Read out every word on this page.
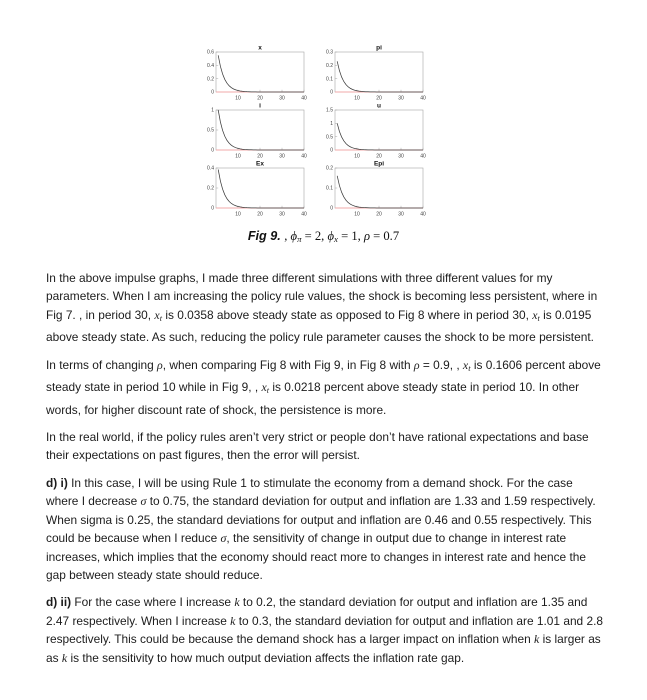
x
0
0.2
0.4
0.6
10	20	30	40
pi
0
0.1
0.2
0.3
10	20	30	40
i
0
0.5
1
10	20	30	40
u
0
0.5
1
1.5
10	20	30	40
Ex
0
0.2
0.4
10	20	30	40
Epi
0
0.1
0.2
10	20	30	40
Fig 9. , $\phi_\pi = 2$, $\phi_x = 1$, ρ = 0.7

In the above impulse graphs, I made three different simulations with three different values for my parameters. When I am increasing the policy rule values, the shock is becoming less persistent, where in Fig 7. , in period 30, $x_t$ is 0.0358 above steady state as opposed to Fig 8 where in period 30, $x_t$ is 0.0195 above steady state. As such, reducing the policy rule parameter causes the shock to be more persistent.

In terms of changing ρ, when comparing Fig 8 with Fig 9, in Fig 8 with ρ = 0.9, , $x_t$ is 0.1606 percent above steady state in period 10 while in Fig 9, , $x_t$ is 0.0218 percent above steady state in period 10. In other words, for higher discount rate of shock, the persistence is more.

In the real world, if the policy rules aren’t very strict or people don’t have rational expectations and base their expectations on past figures, then the error will persist.

d) i) In this case, I will be using Rule 1 to stimulate the economy from a demand shock. For the case where I decrease σ to 0.75, the standard deviation for output and inflation are 1.33 and 1.59 respectively. When sigma is 0.25, the standard deviations for output and inflation are 0.46 and 0.55 respectively. This could be because when I reduce σ, the sensitivity of change in output due to change in interest rate increases, which implies that the economy should react more to changes in interest rate and hence the gap between steady state should reduce.

d) ii) For the case where I increase k to 0.2, the standard deviation for output and inflation are 1.35 and 2.47 respectively. When I increase k to 0.3, the standard deviation for output and inflation are 1.01 and 2.8 respectively. This could be because the demand shock has a larger impact on inflation when k is larger as as k is the sensitivity to how much output deviation affects the inflation rate gap.
